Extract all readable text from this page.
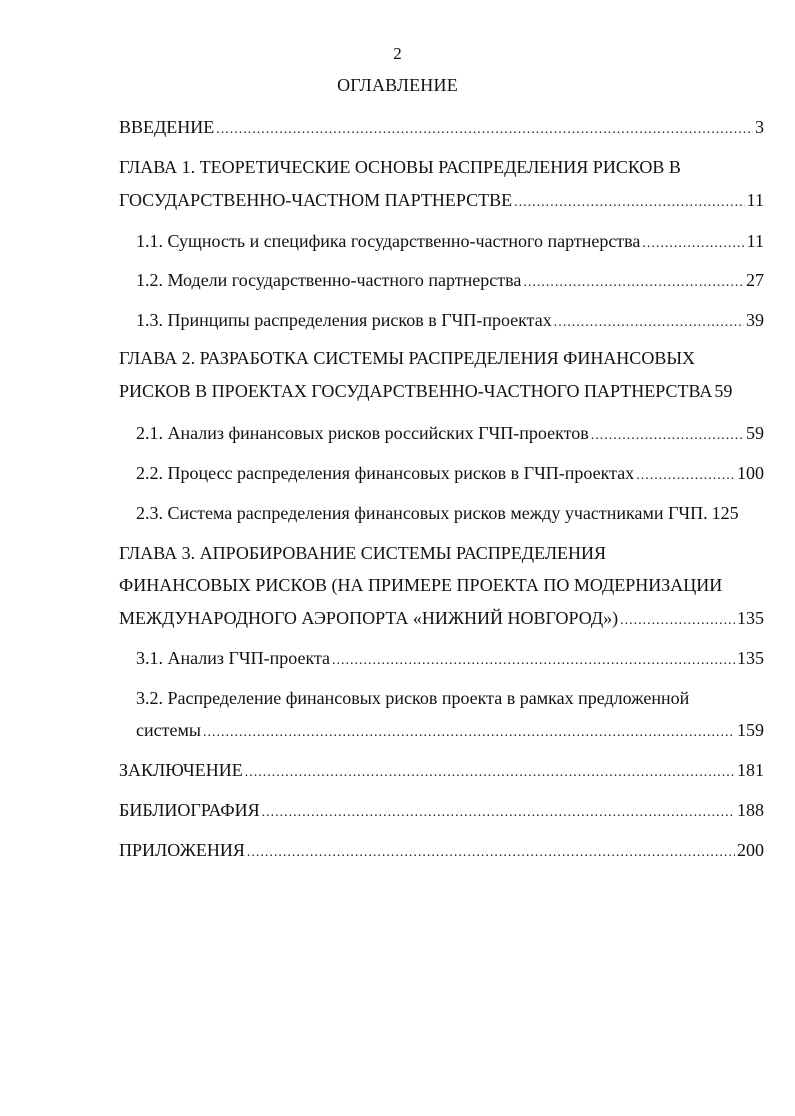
2
ОГЛАВЛЕНИЕ
ВВЕДЕНИЕ .....	3
ГЛАВА 1. ТЕОРЕТИЧЕСКИЕ ОСНОВЫ РАСПРЕДЕЛЕНИЯ РИСКОВ В
ГОСУДАРСТВЕННО-ЧАСТНОМ ПАРТНЕРСТВЕ .....	11
1.1. Сущность и специфика государственно-частного партнерства .....	11
1.2. Модели государственно-частного партнерства .....	27
1.3. Принципы распределения рисков в ГЧП-проектах .....	39
ГЛАВА 2. РАЗРАБОТКА СИСТЕМЫ РАСПРЕДЕЛЕНИЯ ФИНАНСОВЫХ
РИСКОВ В ПРОЕКТАХ ГОСУДАРСТВЕННО-ЧАСТНОГО ПАРТНЕРСТВА 59
2.1. Анализ финансовых рисков российских ГЧП-проектов .....	59
2.2. Процесс распределения финансовых рисков в ГЧП-проектах .....	100
2.3. Система распределения финансовых рисков между участниками ГЧП. 125
ГЛАВА 3. АПРОБИРОВАНИЕ СИСТЕМЫ РАСПРЕДЕЛЕНИЯ
ФИНАНСОВЫХ РИСКОВ (НА ПРИМЕРЕ ПРОЕКТА ПО МОДЕРНИЗАЦИИ
МЕЖДУНАРОДНОГО АЭРОПОРТА «НИЖНИЙ НОВГОРОД») .....	135
3.1. Анализ ГЧП-проекта .....	135
3.2. Распределение финансовых рисков проекта в рамках предложенной
системы .....	159
ЗАКЛЮЧЕНИЕ .....	181
БИБЛИОГРАФИЯ .....	188
ПРИЛОЖЕНИЯ .....	200
